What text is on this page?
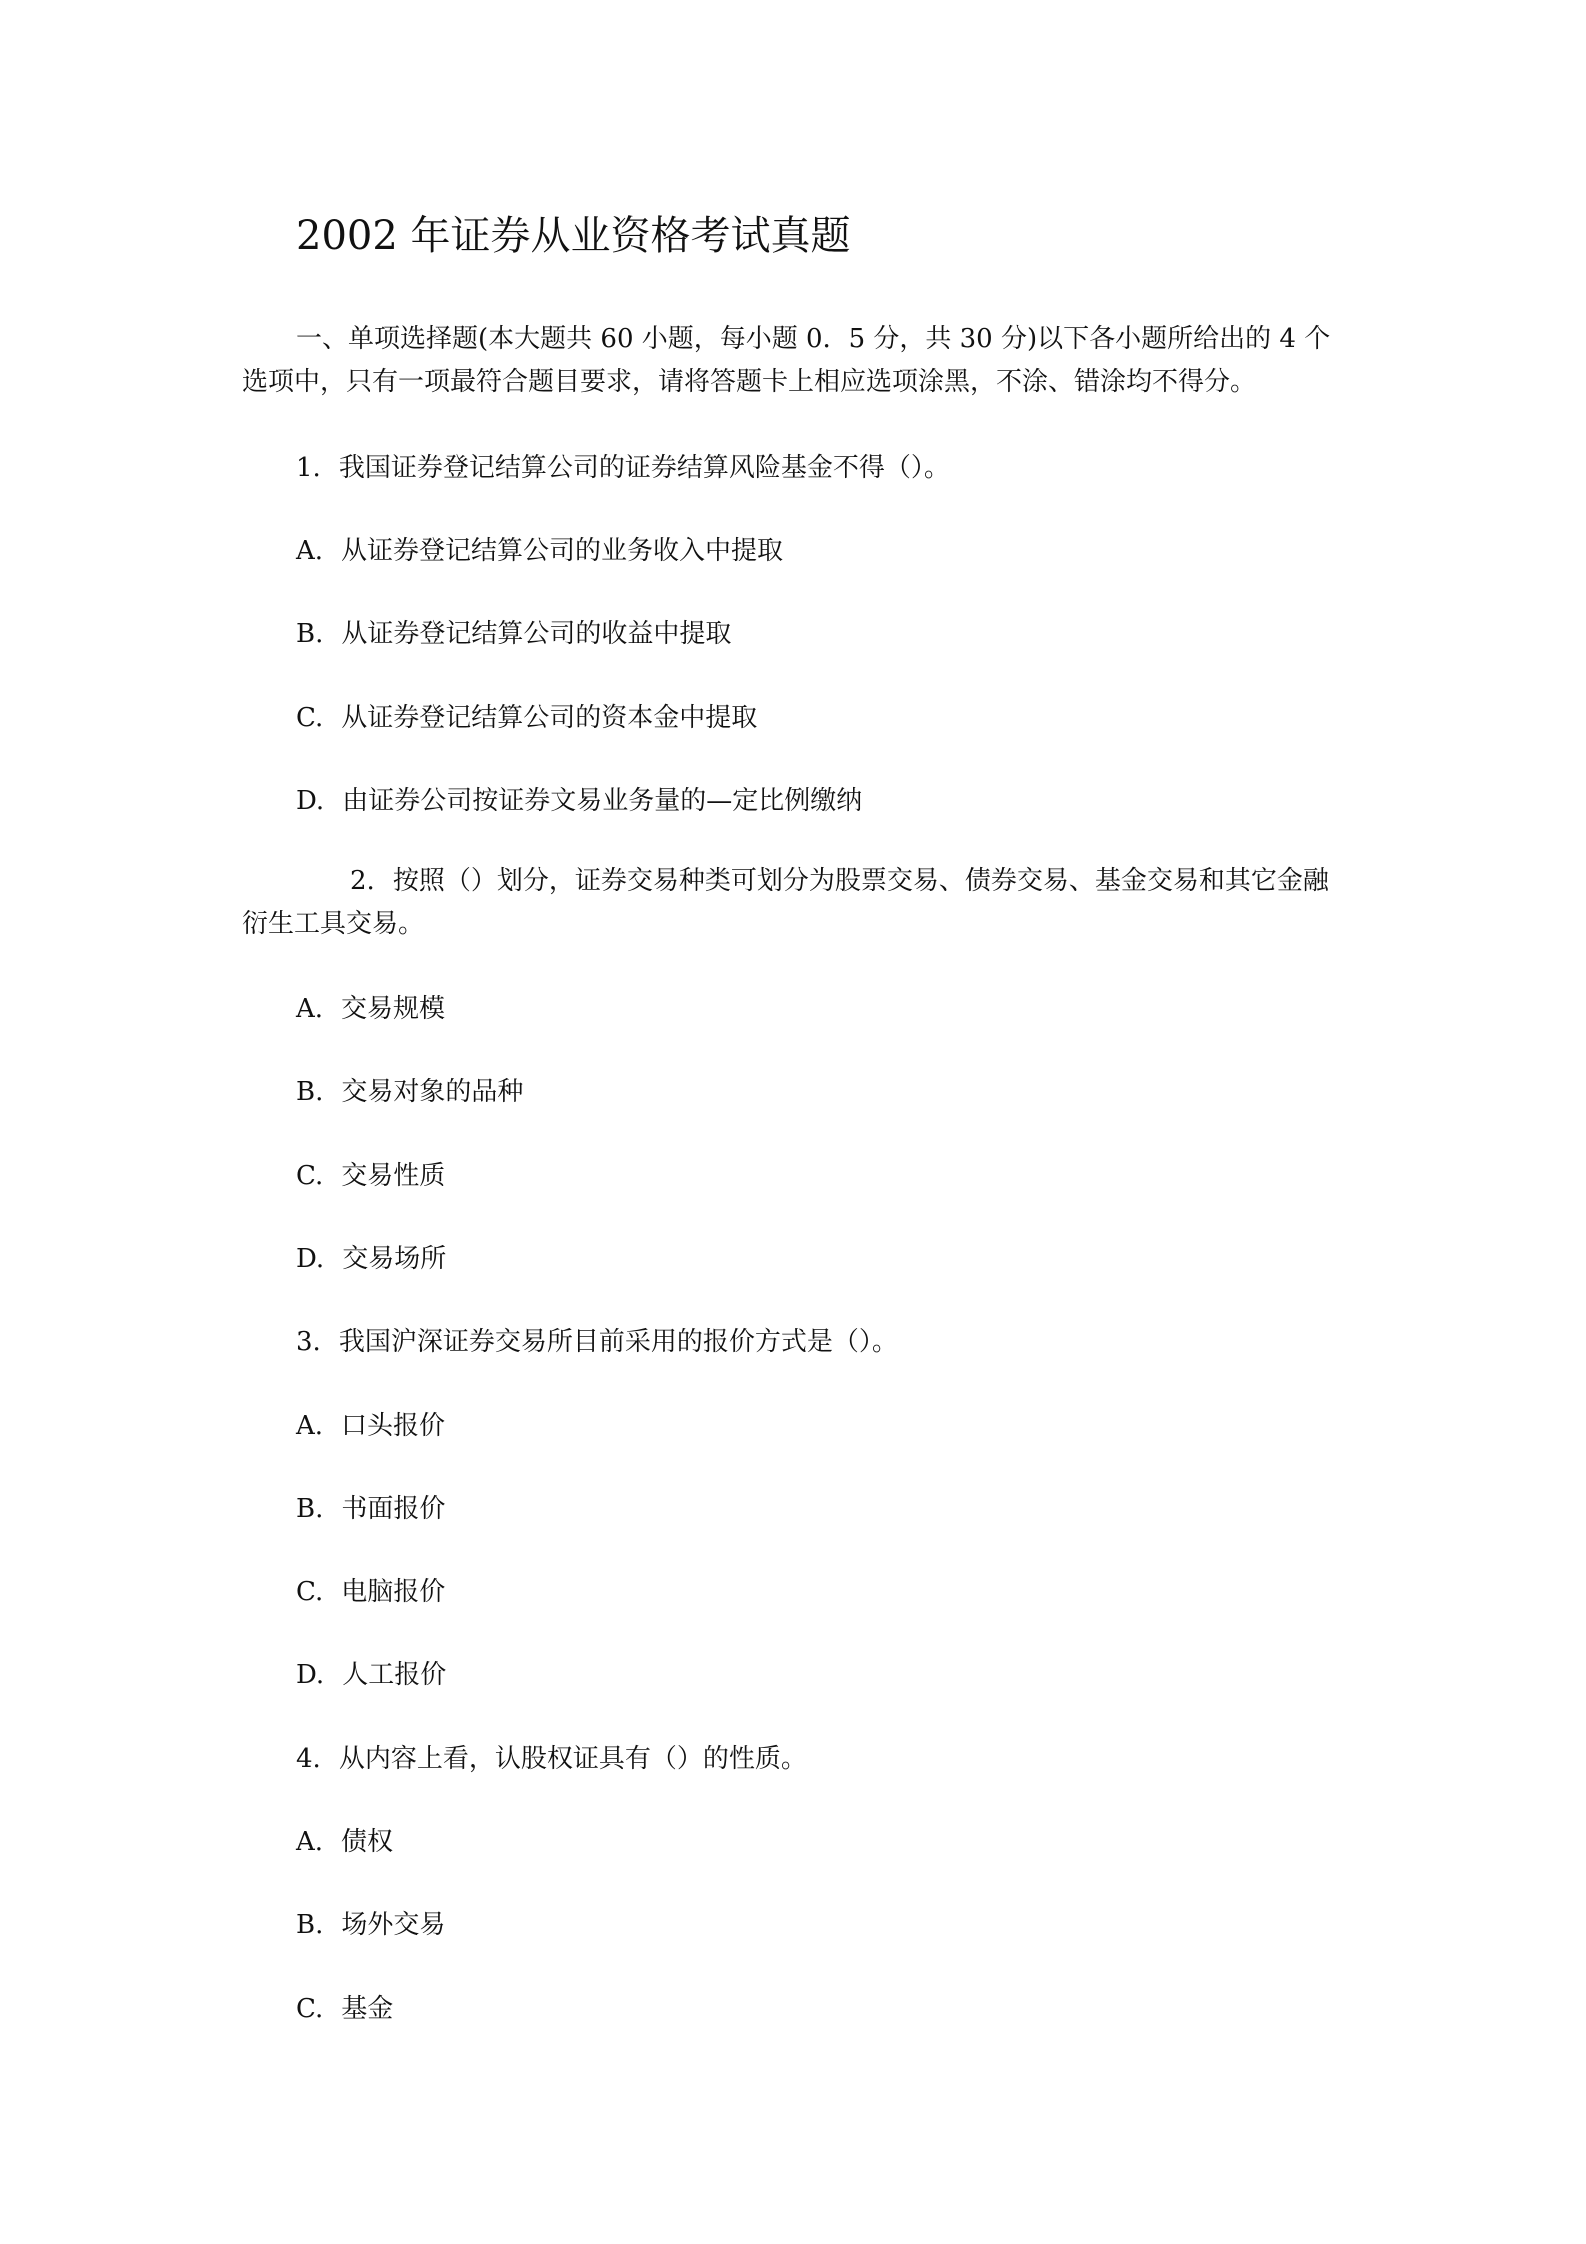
2002 年证券从业资格考试真题

一、单项选择题(本大题共 60 小题，每小题 0．5 分，共 30 分)以下各小题所给出的 4 个选项中，只有一项最符合题目要求，请将答题卡上相应选项涂黑，不涂、错涂均不得分。

1. 我国证券登记结算公司的证券结算风险基金不得（）。

A. 从证券登记结算公司的业务收入中提取

B. 从证券登记结算公司的收益中提取

C. 从证券登记结算公司的资本金中提取

D. 由证券公司按证券文易业务量的—定比例缴纳

2. 按照（）划分，证券交易种类可划分为股票交易、债券交易、基金交易和其它金融衍生工具交易。

A. 交易规模

B. 交易对象的品种

C. 交易性质

D. 交易场所

3. 我国沪深证券交易所目前采用的报价方式是（）。

A. 口头报价

B. 书面报价

C. 电脑报价

D. 人工报价

4. 从内容上看，认股权证具有（）的性质。

A. 债权

B. 场外交易

C. 基金
